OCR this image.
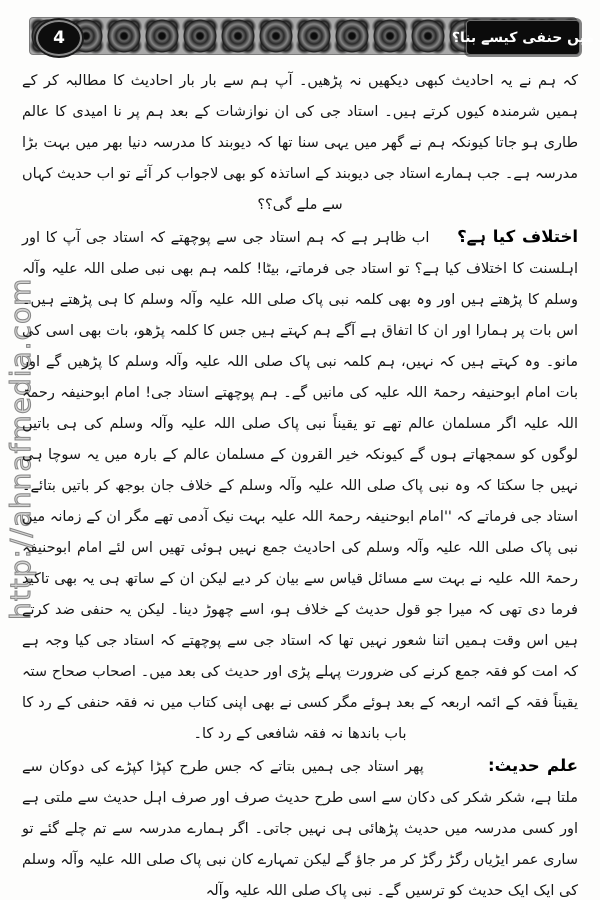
4	میں حنفی کیسے بنا؟
http://ahnafmedia.com

کہ ہم نے یہ احادیث کبھی دیکھیں نہ پڑھیں۔ آپ ہم سے بار بار احادیث کا مطالبہ کر کے ہمیں شرمندہ کیوں کرتے ہیں۔ استاد جی کی ان نوازشات کے بعد ہم پر نا امیدی کا عالم طاری ہو جاتا کیونکہ ہم نے گھر میں یہی سنا تھا کہ دیوبند کا مدرسہ دنیا بھر میں بہت بڑا مدرسہ ہے۔ جب ہمارے استاد جی دیوبند کے اساتذہ کو بھی لاجواب کر آئے تو اب حدیث کہاں سے ملے گی؟؟

اختلاف کیا ہے؟ اب ظاہر ہے کہ ہم استاد جی سے پوچھتے کہ استاد جی آپ کا اور اہلسنت کا اختلاف کیا ہے؟ تو استاد جی فرماتے، بیٹا! کلمہ ہم بھی نبی صلی اللہ علیہ وآلہ وسلم کا پڑھتے ہیں اور وہ بھی کلمہ نبی پاک صلی اللہ علیہ وآلہ وسلم کا ہی پڑھتے ہیں۔ اس بات پر ہمارا اور ان کا اتفاق ہے آگے ہم کہتے ہیں جس کا کلمہ پڑھو، بات بھی اسی کی مانو۔ وہ کہتے ہیں کہ نہیں، ہم کلمہ نبی پاک صلی اللہ علیہ وآلہ وسلم کا پڑھیں گے اور بات امام ابوحنیفہ رحمۃ اللہ علیہ کی مانیں گے۔ ہم پوچھتے استاد جی! امام ابوحنیفہ رحمۃ اللہ علیہ اگر مسلمان عالم تھے تو یقیناً نبی پاک صلی اللہ علیہ وآلہ وسلم کی ہی باتیں لوگوں کو سمجھاتے ہوں گے کیونکہ خیر القرون کے مسلمان عالم کے بارہ میں یہ سوچا ہی نہیں جا سکتا کہ وہ نبی پاک صلی اللہ علیہ وآلہ وسلم کے خلاف جان بوجھ کر باتیں بتائے۔ استاد جی فرماتے کہ ''امام ابوحنیفہ رحمۃ اللہ علیہ بہت نیک آدمی تھے مگر ان کے زمانہ میں نبی پاک صلی اللہ علیہ وآلہ وسلم کی احادیث جمع نہیں ہوئی تھیں اس لئے امام ابوحنیفہ رحمۃ اللہ علیہ نے بہت سے مسائل قیاس سے بیان کر دیے لیکن ان کے ساتھ ہی یہ بھی تاکید فرما دی تھی کہ میرا جو قول حدیث کے خلاف ہو، اسے چھوڑ دینا۔ لیکن یہ حنفی ضد کرتے ہیں اس وقت ہمیں اتنا شعور نہیں تھا کہ استاد جی سے پوچھتے کہ استاد جی کیا وجہ ہے کہ امت کو فقہ جمع کرنے کی ضرورت پہلے پڑی اور حدیث کی بعد میں۔ اصحاب صحاح ستہ یقیناً فقہ کے ائمہ اربعہ کے بعد ہوئے مگر کسی نے بھی اپنی کتاب میں نہ فقہ حنفی کے رد کا باب باندھا نہ فقہ شافعی کے رد کا۔

علم حدیث: پھر استاد جی ہمیں بتاتے کہ جس طرح کپڑا کپڑے کی دوکان سے ملتا ہے، شکر شکر کی دکان سے اسی طرح حدیث صرف اور صرف اہل حدیث سے ملتی ہے اور کسی مدرسہ میں حدیث پڑھائی ہی نہیں جاتی۔ اگر ہمارے مدرسہ سے تم چلے گئے تو ساری عمر ایڑیاں رگڑ رگڑ کر مر جاؤ گے لیکن تمہارے کان نبی پاک صلی اللہ علیہ وآلہ وسلم کی ایک ایک حدیث کو ترسیں گے۔ نبی پاک صلی اللہ علیہ وآلہ
